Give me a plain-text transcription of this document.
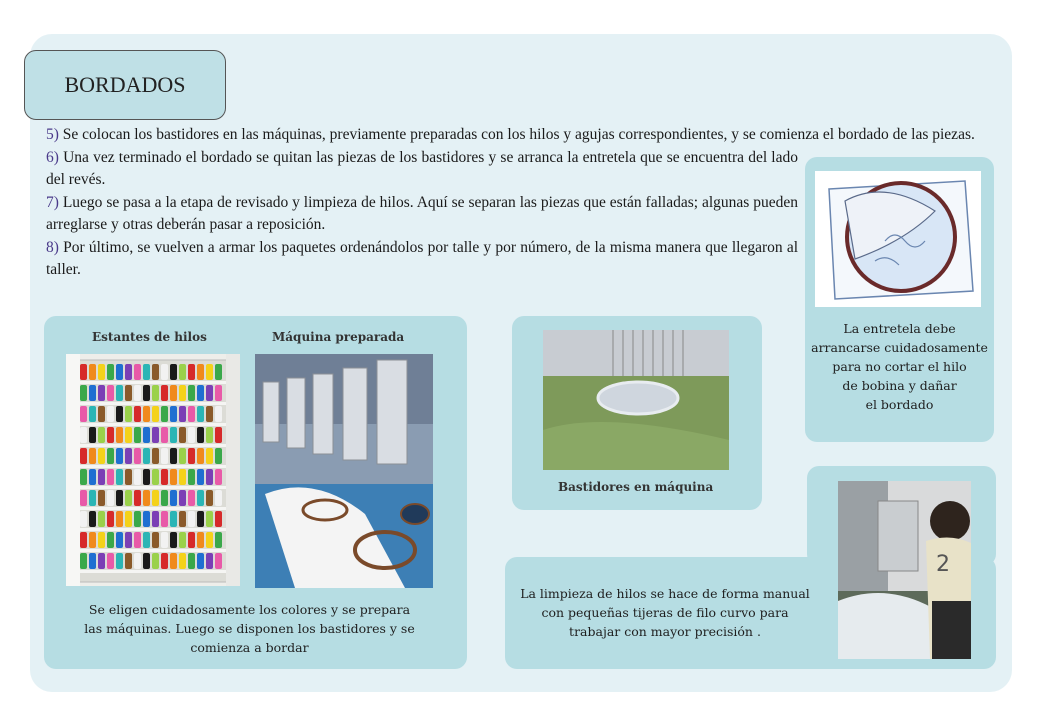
BORDADOS

5) Se colocan los bastidores en las máquinas, previamente preparadas con los hilos y agujas correspondientes, y se comienza el bordado de las piezas.

6) Una vez terminado el bordado se quitan las piezas de los bastidores y se arranca la entretela que se encuentra del lado del revés.

7) Luego se pasa a la etapa de revisado y limpieza de hilos. Aquí se separan las piezas que están falladas; algunas pueden arreglarse y otras deberán pasar a reposición.

8) Por último, se vuelven a armar los paquetes ordenándolos por talle y por número, de la misma manera que llegaron al taller.

Estantes de hilos	Máquina preparada
Se eligen cuidadosamente los colores y se prepara las máquinas. Luego se disponen los bastidores y se comienza a bordar
Bastidores en máquina
La entretela debe
arrancarse cuidadosamente
para no cortar el hilo
de bobina y dañar
el bordado
La limpieza de hilos se hace de forma manual
con pequeñas tijeras de filo curvo para
trabajar con mayor precisión .
2
